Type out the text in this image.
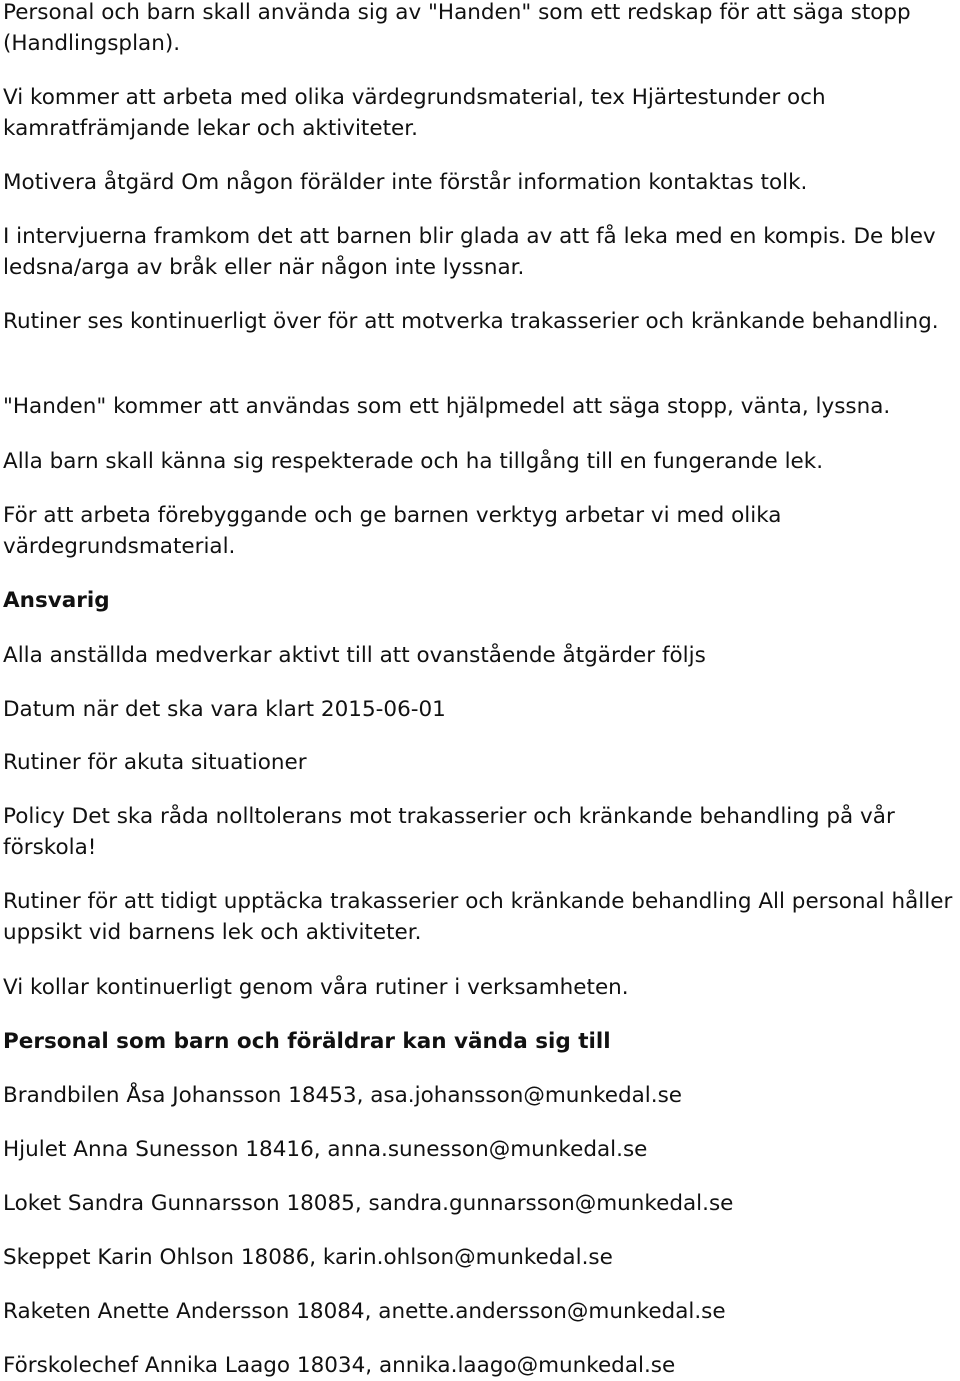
Personal och barn skall använda sig av "Handen" som ett redskap för att säga stopp (Handlingsplan).

Vi kommer att arbeta med olika värdegrundsmaterial, tex Hjärtestunder och kamratfrämjande lekar och aktiviteter.

Motivera åtgärd Om någon förälder inte förstår information kontaktas tolk.

I intervjuerna framkom det att barnen blir glada av att få leka med en kompis. De blev ledsna/arga av bråk eller när någon inte lyssnar.

Rutiner ses kontinuerligt över för att motverka trakasserier och kränkande behandling.

"Handen" kommer att användas som ett hjälpmedel att säga stopp, vänta, lyssna.

Alla barn skall känna sig respekterade och ha tillgång till en fungerande lek.

För att arbeta förebyggande och ge barnen verktyg arbetar vi med olika värdegrundsmaterial.

Ansvarig

Alla anställda medverkar aktivt till att ovanstående åtgärder följs

Datum när det ska vara klart 2015-06-01

Rutiner för akuta situationer

Policy Det ska råda nolltolerans mot trakasserier och kränkande behandling på vår förskola!

Rutiner för att tidigt upptäcka trakasserier och kränkande behandling All personal håller uppsikt vid barnens lek och aktiviteter.

Vi kollar kontinuerligt genom våra rutiner i verksamheten.

Personal som barn och föräldrar kan vända sig till

Brandbilen Åsa Johansson 18453, asa.johansson@munkedal.se

Hjulet Anna Sunesson 18416, anna.sunesson@munkedal.se

Loket Sandra Gunnarsson 18085, sandra.gunnarsson@munkedal.se

Skeppet Karin Ohlson 18086, karin.ohlson@munkedal.se

Raketen Anette Andersson 18084, anette.andersson@munkedal.se

Förskolechef Annika Laago 18034, annika.laago@munkedal.se
